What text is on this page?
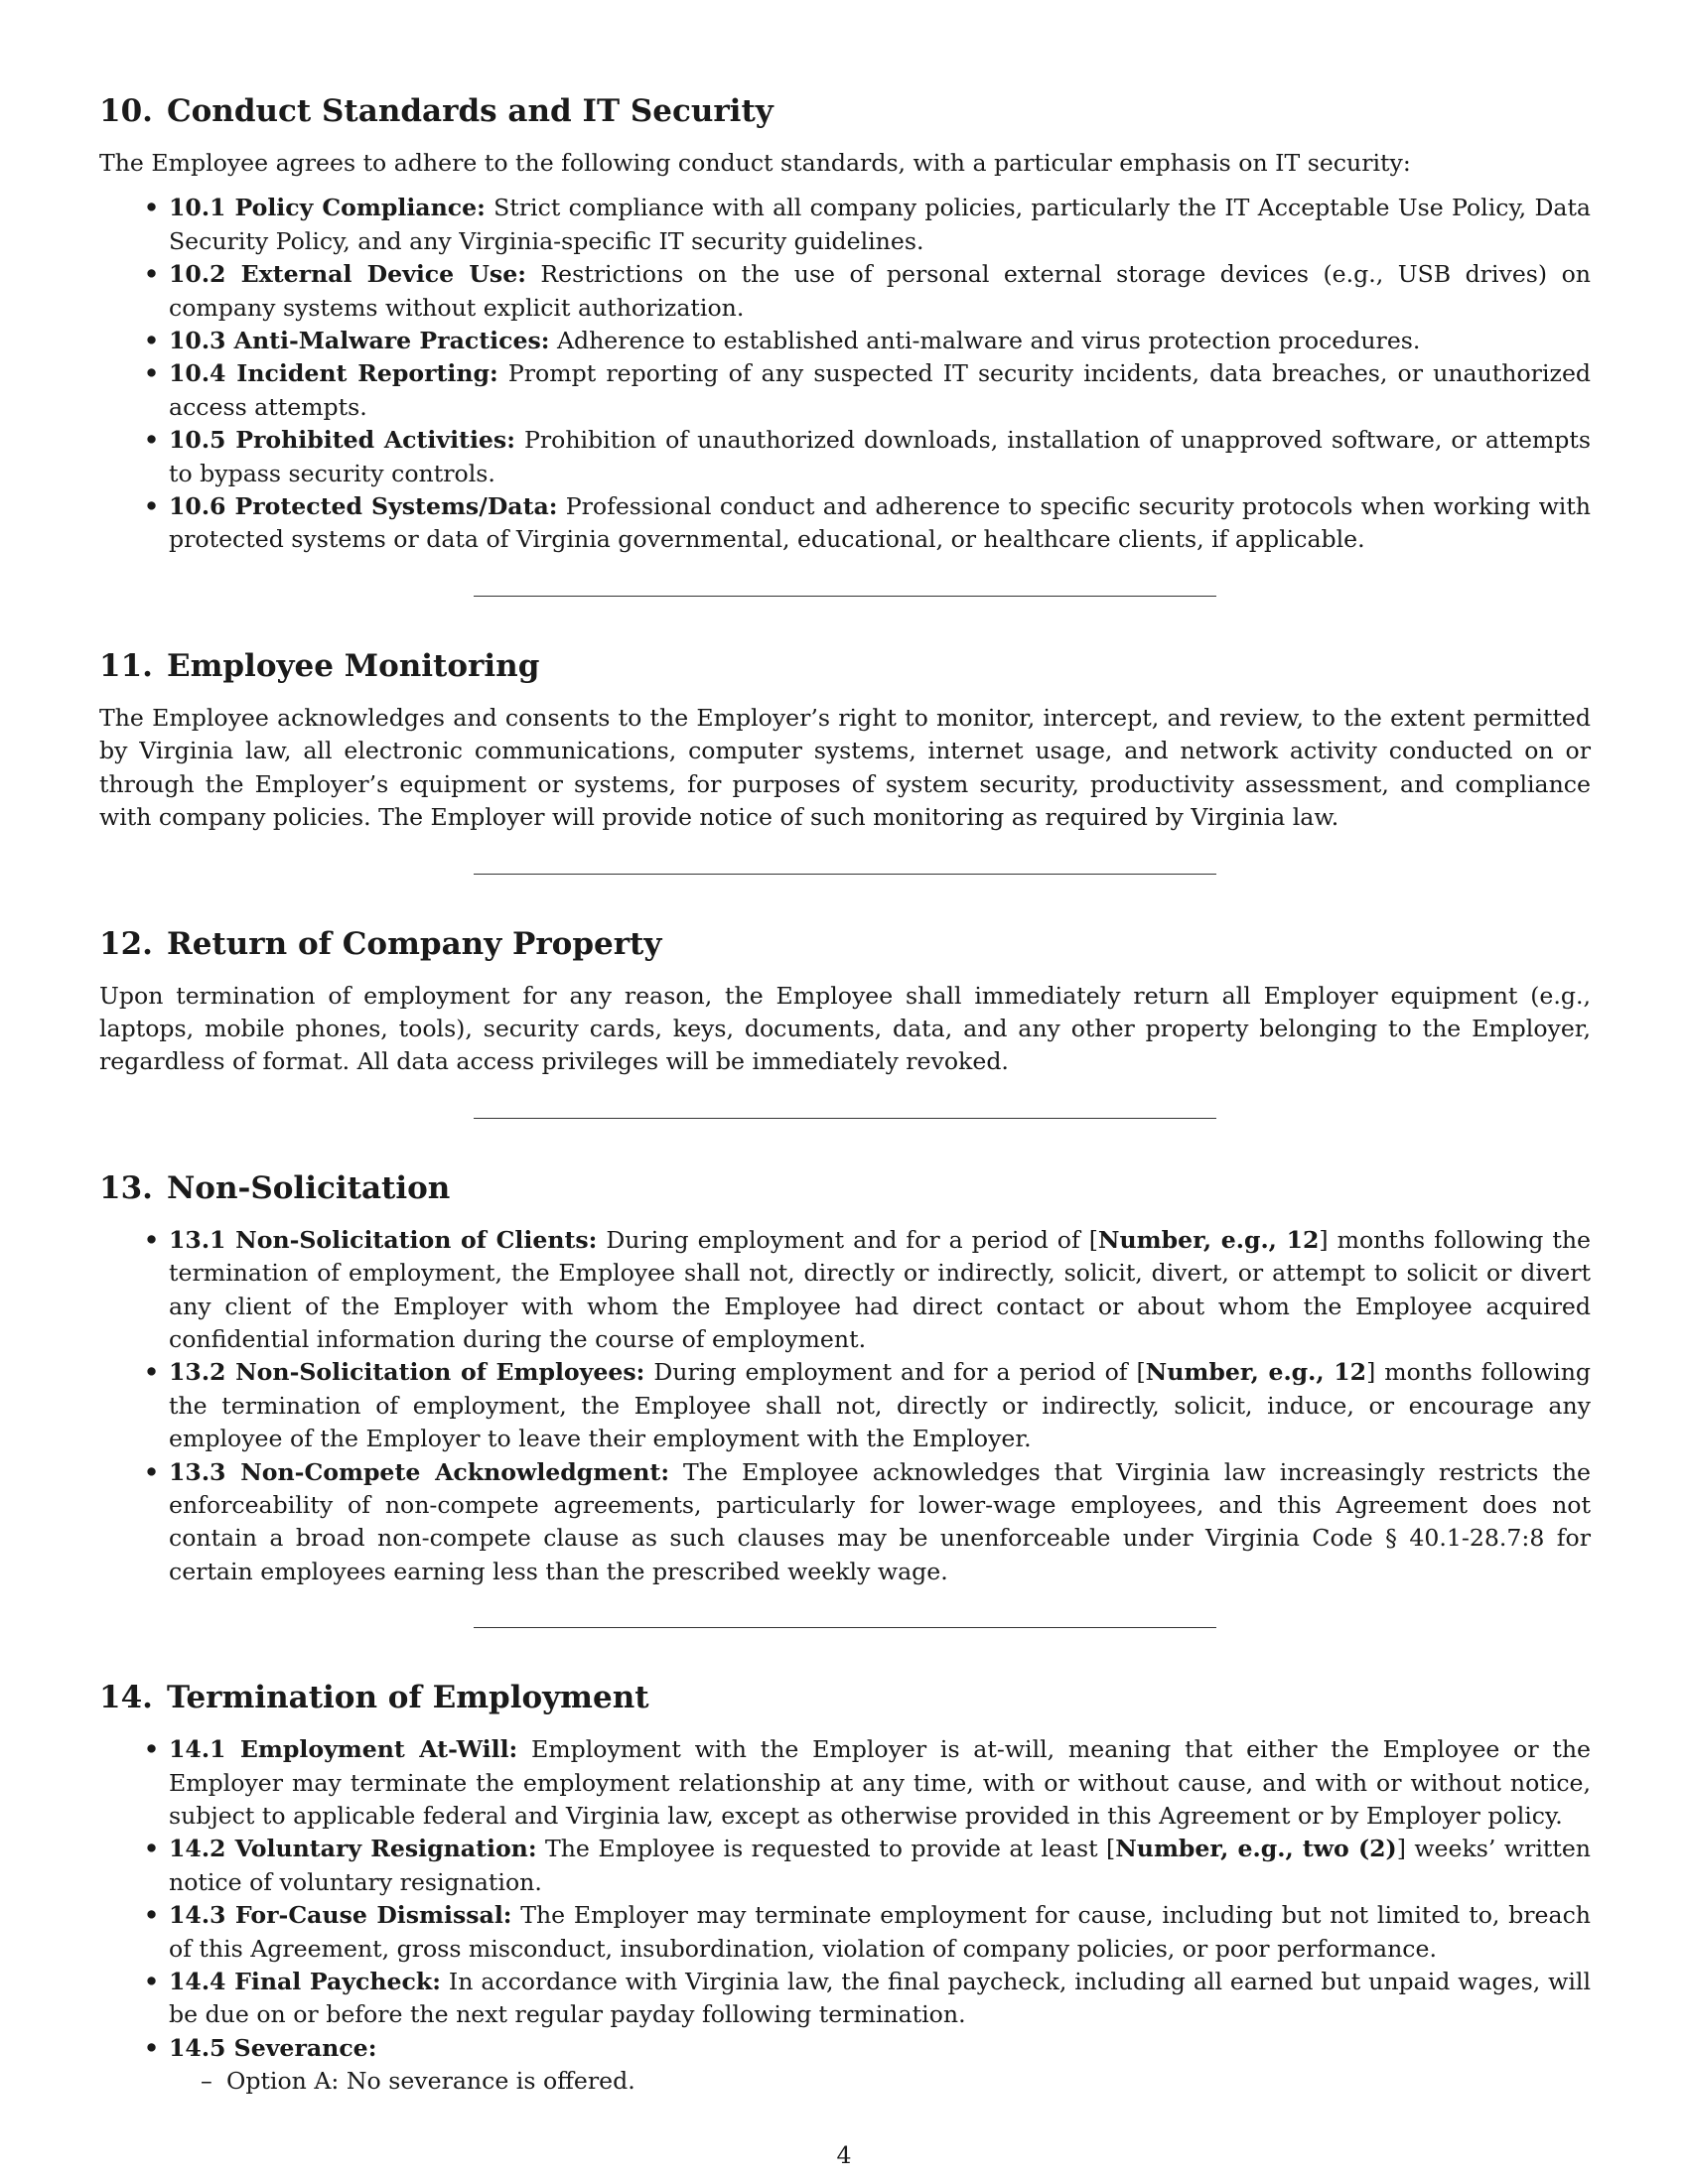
10. Conduct Standards and IT Security

The Employee agrees to adhere to the following conduct standards, with a particular emphasis on IT security:

• 10.1 Policy Compliance: Strict compliance with all company policies, particularly the IT Acceptable Use Policy, Data Security Policy, and any Virginia-specific IT security guidelines.
• 10.2 External Device Use: Restrictions on the use of personal external storage devices (e.g., USB drives) on company systems without explicit authorization.
• 10.3 Anti-Malware Practices: Adherence to established anti-malware and virus protection procedures.
• 10.4 Incident Reporting: Prompt reporting of any suspected IT security incidents, data breaches, or unauthorized access attempts.
• 10.5 Prohibited Activities: Prohibition of unauthorized downloads, installation of unapproved software, or attempts to bypass security controls.
• 10.6 Protected Systems/Data: Professional conduct and adherence to specific security protocols when working with protected systems or data of Virginia governmental, educational, or healthcare clients, if applicable.
11. Employee Monitoring

The Employee acknowledges and consents to the Employer’s right to monitor, intercept, and review, to the extent permitted by Virginia law, all electronic communications, computer systems, internet usage, and network activity conducted on or through the Employer’s equipment or systems, for purposes of system security, productivity assessment, and compliance with company policies. The Employer will provide notice of such monitoring as required by Virginia law.

12. Return of Company Property

Upon termination of employment for any reason, the Employee shall immediately return all Employer equipment (e.g., laptops, mobile phones, tools), security cards, keys, documents, data, and any other property belonging to the Employer, regardless of format. All data access privileges will be immediately revoked.

13. Non-Solicitation
• 13.1 Non-Solicitation of Clients: During employment and for a period of [Number, e.g., 12] months following the termination of employment, the Employee shall not, directly or indirectly, solicit, divert, or attempt to solicit or divert any client of the Employer with whom the Employee had direct contact or about whom the Employee acquired confidential information during the course of employment.
• 13.2 Non-Solicitation of Employees: During employment and for a period of [Number, e.g., 12] months following the termination of employment, the Employee shall not, directly or indirectly, solicit, induce, or encourage any employee of the Employer to leave their employment with the Employer.
• 13.3 Non-Compete Acknowledgment: The Employee acknowledges that Virginia law increasingly restricts the enforceability of non-compete agreements, particularly for lower-wage employees, and this Agreement does not contain a broad non-compete clause as such clauses may be unenforceable under Virginia Code § 40.1-28.7:8 for certain employees earning less than the prescribed weekly wage.
14. Termination of Employment
• 14.1 Employment At-Will: Employment with the Employer is at-will, meaning that either the Employee or the Employer may terminate the employment relationship at any time, with or without cause, and with or without notice, subject to applicable federal and Virginia law, except as otherwise provided in this Agreement or by Employer policy.
• 14.2 Voluntary Resignation: The Employee is requested to provide at least [Number, e.g., two (2)] weeks’ written notice of voluntary resignation.
• 14.3 For-Cause Dismissal: The Employer may terminate employment for cause, including but not limited to, breach of this Agreement, gross misconduct, insubordination, violation of company policies, or poor performance.
• 14.4 Final Paycheck: In accordance with Virginia law, the final paycheck, including all earned but unpaid wages, will be due on or before the next regular payday following termination.
• 14.5 Severance:
– Option A: No severance is offered.
4
